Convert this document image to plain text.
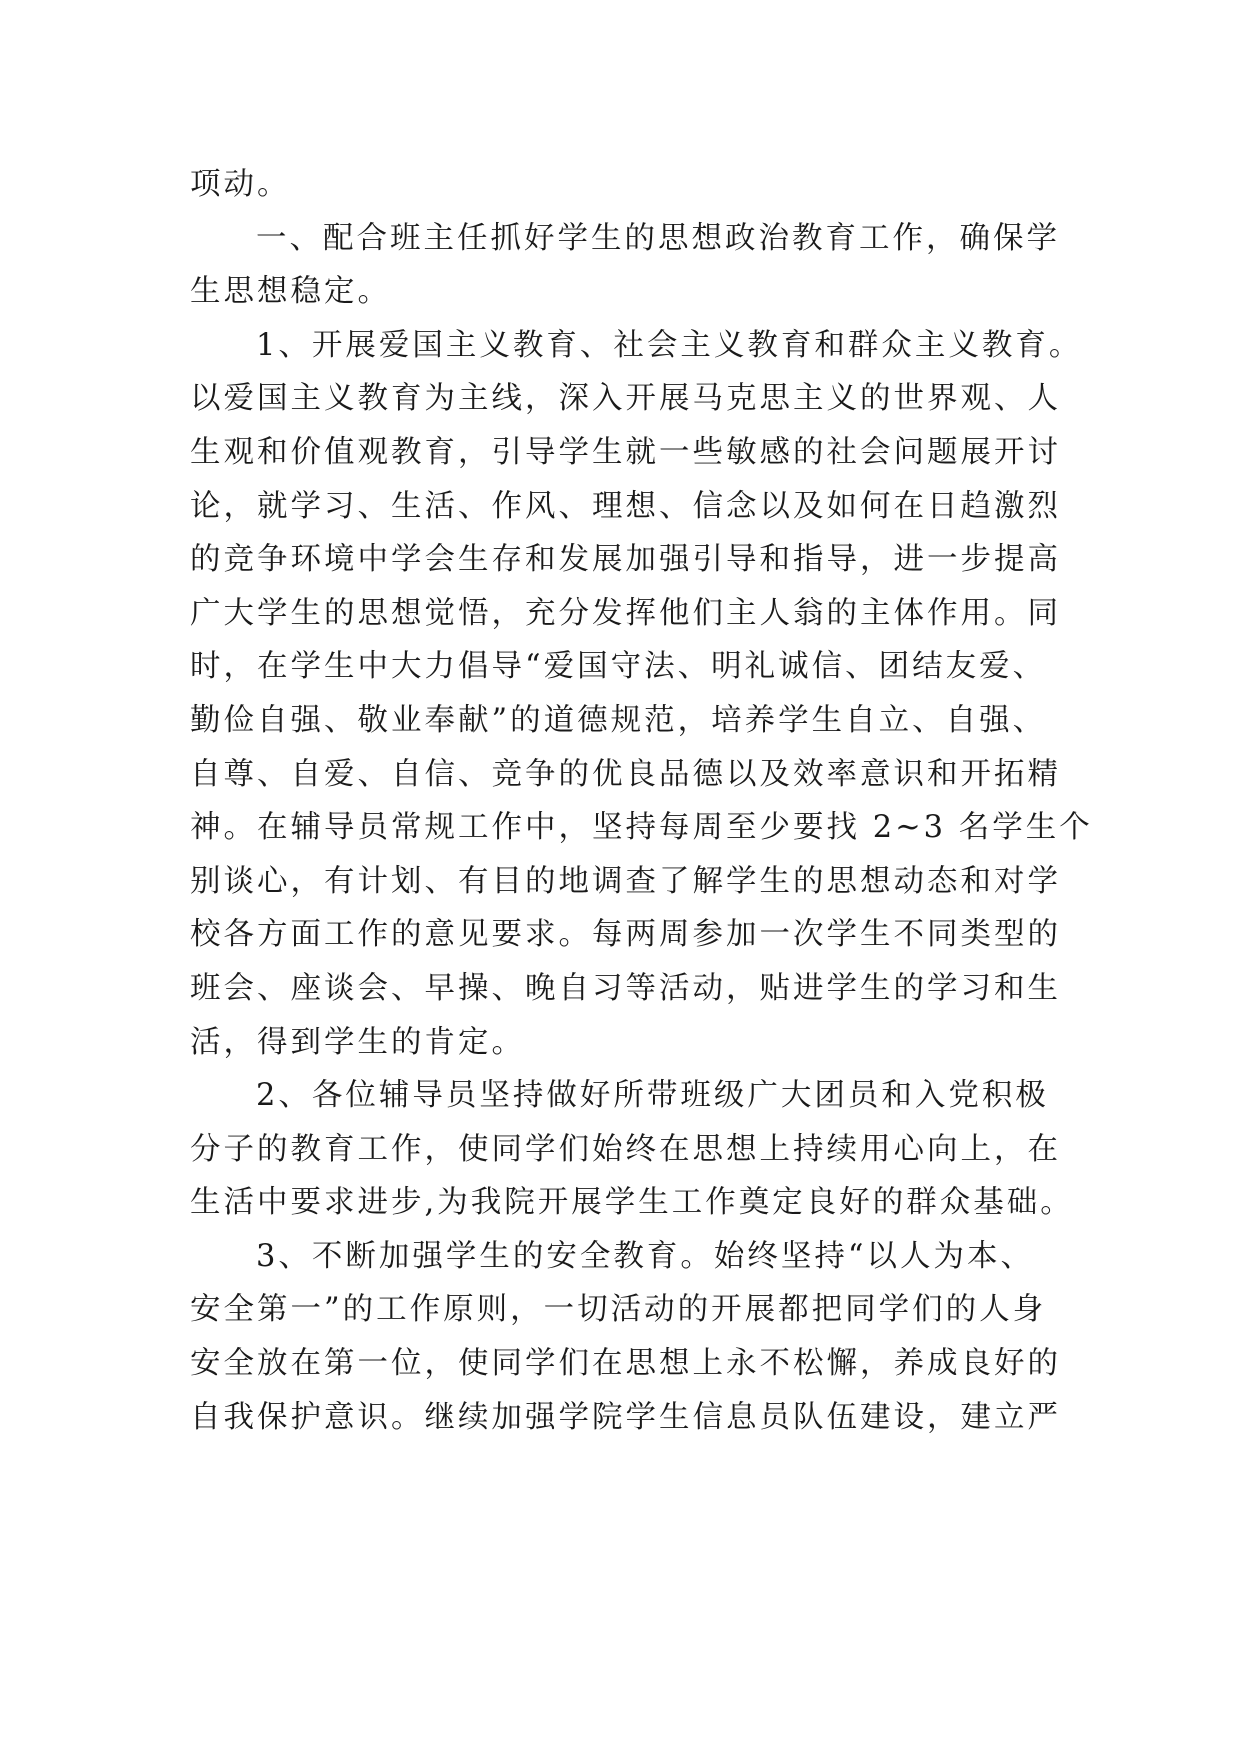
项动。
一、配合班主任抓好学生的思想政治教育工作，确保学
生思想稳定。
1、开展爱国主义教育、社会主义教育和群众主义教育。
以爱国主义教育为主线，深入开展马克思主义的世界观、人
生观和价值观教育，引导学生就一些敏感的社会问题展开讨
论，就学习、生活、作风、理想、信念以及如何在日趋激烈
的竞争环境中学会生存和发展加强引导和指导，进一步提高
广大学生的思想觉悟，充分发挥他们主人翁的主体作用。同
时，在学生中大力倡导“爱国守法、明礼诚信、团结友爱、
勤俭自强、敬业奉献”的道德规范，培养学生自立、自强、
自尊、自爱、自信、竞争的优良品德以及效率意识和开拓精
神。在辅导员常规工作中，坚持每周至少要找 2~3 名学生个
别谈心，有计划、有目的地调查了解学生的思想动态和对学
校各方面工作的意见要求。每两周参加一次学生不同类型的
班会、座谈会、早操、晚自习等活动，贴进学生的学习和生
活，得到学生的肯定。
2、各位辅导员坚持做好所带班级广大团员和入党积极
分子的教育工作，使同学们始终在思想上持续用心向上，在
生活中要求进步,为我院开展学生工作奠定良好的群众基础。
3、不断加强学生的安全教育。始终坚持“以人为本、
安全第一”的工作原则，一切活动的开展都把同学们的人身
安全放在第一位，使同学们在思想上永不松懈，养成良好的
自我保护意识。继续加强学院学生信息员队伍建设，建立严
